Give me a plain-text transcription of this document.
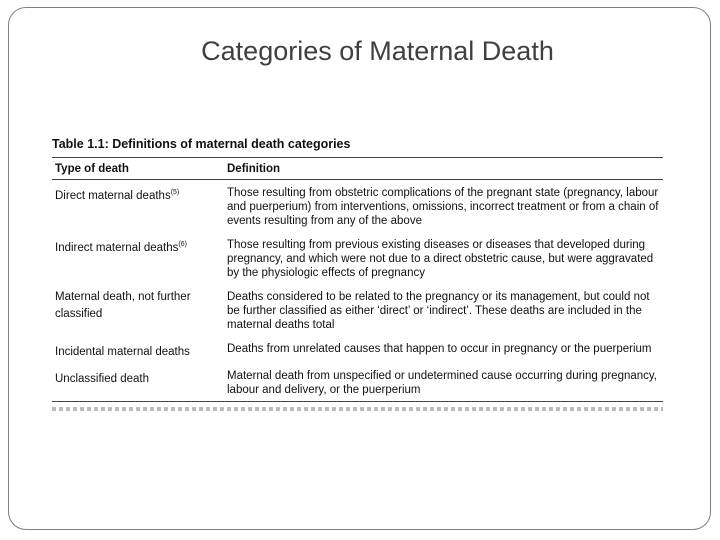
Categories of Maternal Death
Table 1.1: Definitions of maternal death categories
Type of death	Definition
Direct maternal deaths$^{(5)}$	Those resulting from obstetric complications of the pregnant state (pregnancy, labour and puerperium) from interventions, omissions, incorrect treatment or from a chain of events resulting from any of the above
Indirect maternal deaths$^{(6)}$	Those resulting from previous existing diseases or diseases that developed during pregnancy, and which were not due to a direct obstetric cause, but were aggravated by the physiologic effects of pregnancy
Maternal death, not further classified	Deaths considered to be related to the pregnancy or its management, but could not be further classified as either ‘direct’ or ‘indirect’. These deaths are included in the maternal deaths total
Incidental maternal deaths	Deaths from unrelated causes that happen to occur in pregnancy or the puerperium
Unclassified death	Maternal death from unspecified or undetermined cause occurring during pregnancy, labour and delivery, or the puerperium
